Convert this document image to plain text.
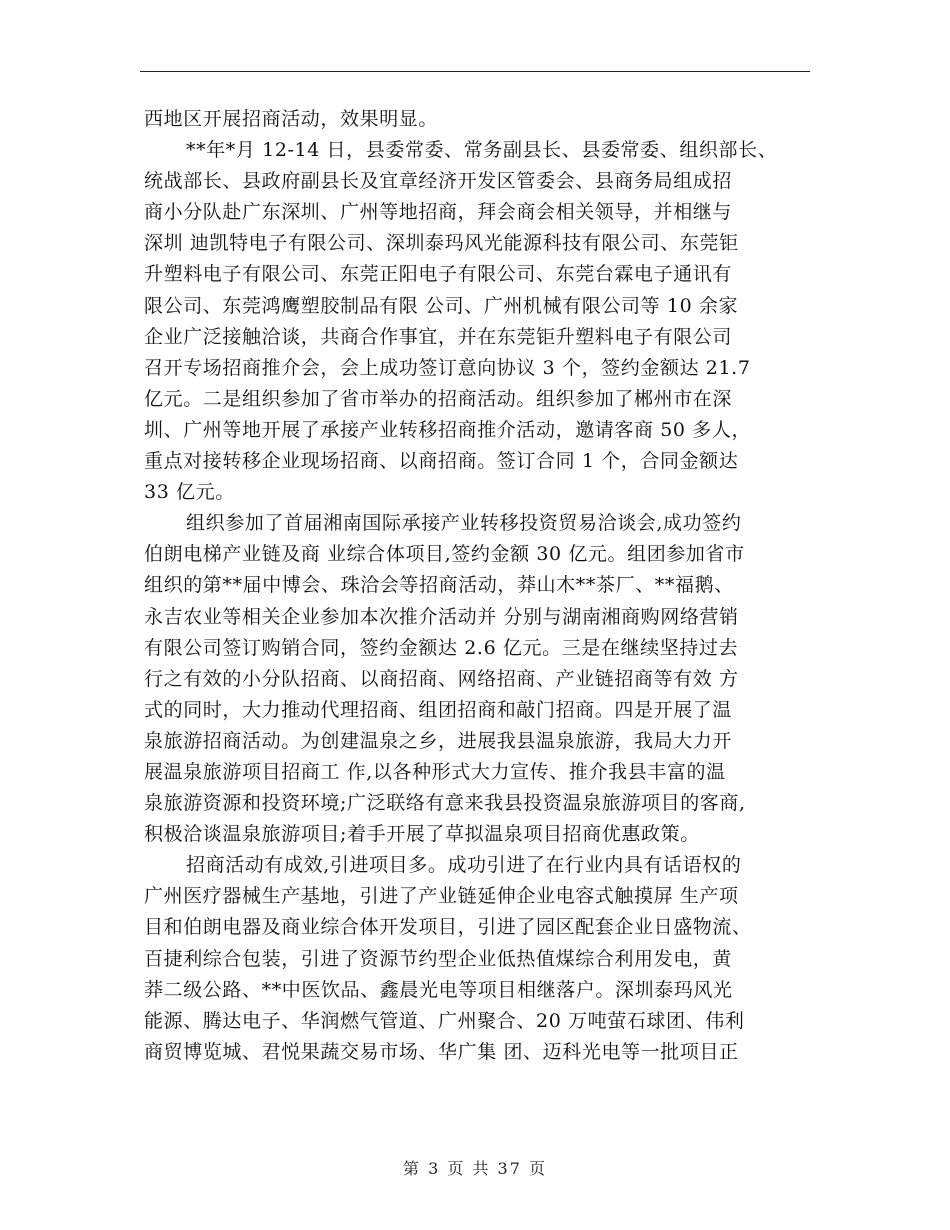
西地区开展招商活动，效果明显。
**年*月 12-14 日，县委常委、常务副县长、县委常委、组织部长、
统战部长、县政府副县长及宜章经济开发区管委会、县商务局组成招
商小分队赴广东深圳、广州等地招商，拜会商会相关领导，并相继与
深圳 迪凯特电子有限公司、深圳泰玛风光能源科技有限公司、东莞钜
升塑料电子有限公司、东莞正阳电子有限公司、东莞台霖电子通讯有
限公司、东莞鸿鹰塑胶制品有限 公司、广州机械有限公司等 10 余家
企业广泛接触洽谈，共商合作事宜，并在东莞钜升塑料电子有限公司
召开专场招商推介会，会上成功签订意向协议 3 个，签约金额达 21.7
亿元。二是组织参加了省市举办的招商活动。组织参加了郴州市在深
圳、广州等地开展了承接产业转移招商推介活动，邀请客商 50 多人，
重点对接转移企业现场招商、以商招商。签订合同 1 个，合同金额达
33 亿元。
组织参加了首届湘南国际承接产业转移投资贸易洽谈会,成功签约
伯朗电梯产业链及商 业综合体项目,签约金额 30 亿元。组团参加省市
组织的第**届中博会、珠洽会等招商活动，莽山木**茶厂、**福鹅、
永吉农业等相关企业参加本次推介活动并 分别与湖南湘商购网络营销
有限公司签订购销合同，签约金额达 2.6 亿元。三是在继续坚持过去
行之有效的小分队招商、以商招商、网络招商、产业链招商等有效 方
式的同时，大力推动代理招商、组团招商和敲门招商。四是开展了温
泉旅游招商活动。为创建温泉之乡，进展我县温泉旅游，我局大力开
展温泉旅游项目招商工 作,以各种形式大力宣传、推介我县丰富的温
泉旅游资源和投资环境;广泛联络有意来我县投资温泉旅游项目的客商,
积极洽谈温泉旅游项目;着手开展了草拟温泉项目招商优惠政策。
招商活动有成效,引进项目多。成功引进了在行业内具有话语权的
广州医疗器械生产基地，引进了产业链延伸企业电容式触摸屏 生产项
目和伯朗电器及商业综合体开发项目，引进了园区配套企业日盛物流、
百捷利综合包装，引进了资源节约型企业低热值煤综合利用发电，黄
莽二级公路、**中医饮品、鑫晨光电等项目相继落户。深圳泰玛风光
能源、腾达电子、华润燃气管道、广州聚合、20 万吨萤石球团、伟利
商贸博览城、君悦果蔬交易市场、华广集 团、迈科光电等一批项目正
第 3 页 共 37 页
